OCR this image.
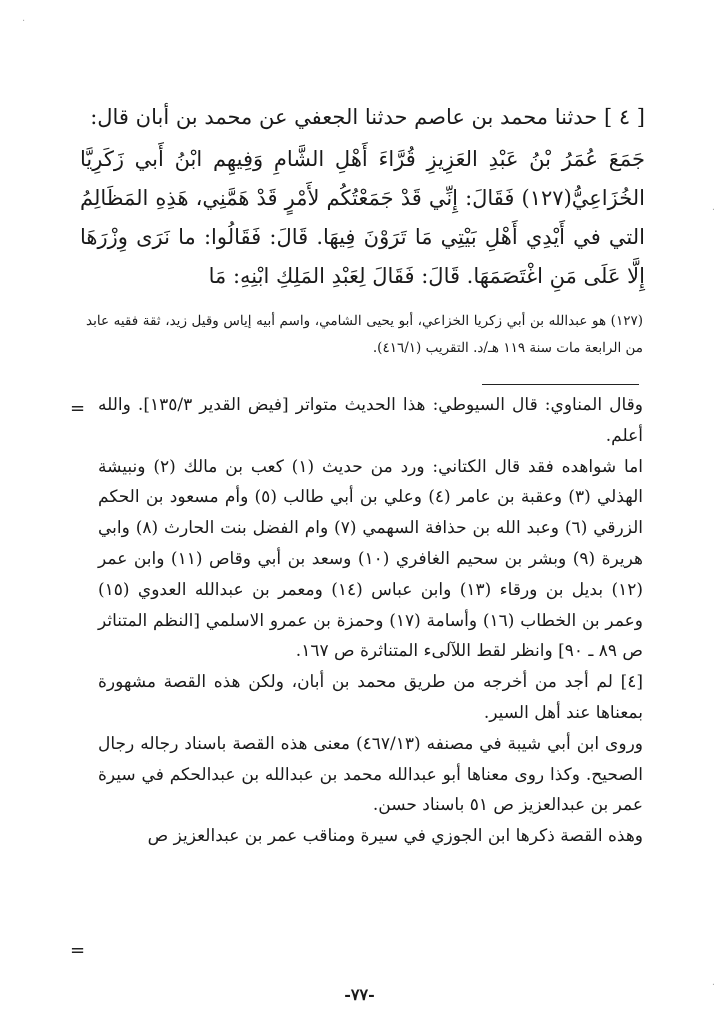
[ ٤ ] حدثنا محمد بن عاصم حدثنا الجعفي عن محمد بن أبان قال:
جَمَعَ عُمَرُ بْنُ عَبْدِ العَزِيزِ قُرَّاءَ أَهْلِ الشَّامِ وَفِيهِم ابْنُ أَبي زَكَرِيَّا الخُزَاعِيُّ(١٢٧) فَقَالَ: إِنِّي قَدْ جَمَعْتُكُم لأَمْرٍ قَدْ هَمَّنِي، هَذِهِ المَظَالِمُ التي في أَيْدِي أَهْلِ بَيْتِي مَا تَرَوْنَ فِيهَا. قَالَ: فَقَالُوا: ما نَرَى وِزْرَهَا إِلَّا عَلَى مَنِ اغْتَصَمَهَا. قَالَ: فَقَالَ لِعَبْدِ المَلِكِ ابْنِهِ: مَا
(١٢٧) هو عبدالله بن أبي زكريا الخزاعي، أبو يحيى الشامي، واسم أبيه إياس وقيل زيد، ثقة فقيه عابد من الرابعة مات سنة ١١٩ هـ/د. التقريب (٤١٦/١).

وقال المناوي: قال السيوطي: هذا الحديث متواتر [فيض القدير ١٣٥/٣]. والله أعلم.

اما شواهده فقد قال الكتاني: ورد من حديث (١) كعب بن مالك (٢) ونبيشة الهذلي (٣) وعقبة بن عامر (٤) وعلي بن أبي طالب (٥) وأم مسعود بن الحكم الزرقي (٦) وعبد الله بن حذافة السهمي (٧) وام الفضل بنت الحارث (٨) وابي هريرة (٩) وبشر بن سحيم الغافري (١٠) وسعد بن أبي وقاص (١١) وابن عمر (١٢) بديل بن ورقاء (١٣) وابن عباس (١٤) ومعمر بن عبدالله العدوي (١٥) وعمر بن الخطاب (١٦) وأسامة (١٧) وحمزة بن عمرو الاسلمي [النظم المتناثر ص ٨٩ ـ ٩٠] وانظر لقط اللآلىء المتناثرة ص ١٦٧.

[٤] لم أجد من أخرجه من طريق محمد بن أبان، ولكن هذه القصة مشهورة بمعناها عند أهل السير.

وروى ابن أبي شيبة في مصنفه (٤٦٧/١٣) معنى هذه القصة باسناد رجاله رجال الصحيح. وكذا روى معناها أبو عبدالله محمد بن عبدالله بن عبدالحكم في سيرة عمر بن عبدالعزيز ص ٥١ باسناد حسن.

وهذه القصة ذكرها ابن الجوزي في سيرة ومناقب عمر بن عبدالعزيز ص

=
=
-٧٧-
·
·
·
